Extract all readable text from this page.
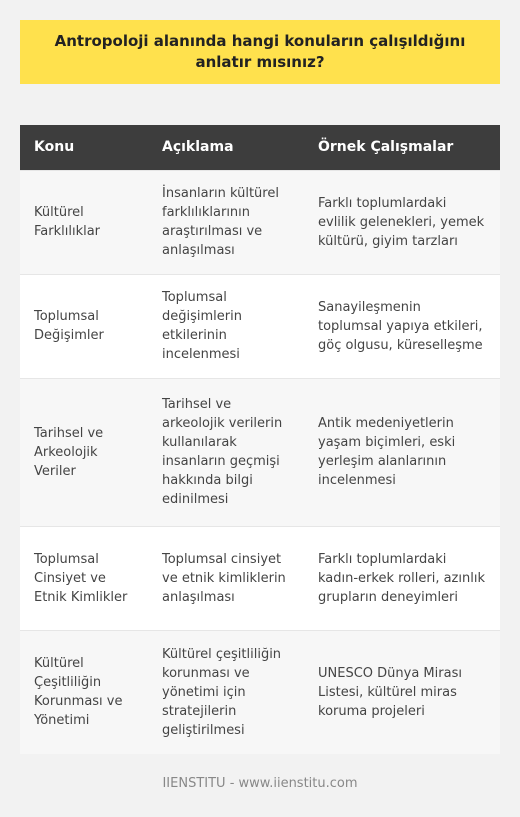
Antropoloji alanında hangi konuların çalışıldığını anlatır mısınız?
Konu	Açıklama	Örnek Çalışmalar
Kültürel Farklılıklar	İnsanların kültürel farklılıklarının araştırılması ve anlaşılması	Farklı toplumlardaki evlilik gelenekleri, yemek kültürü, giyim tarzları
Toplumsal Değişimler	Toplumsal değişimlerin etkilerinin incelenmesi	Sanayileşmenin toplumsal yapıya etkileri, göç olgusu, küreselleşme
Tarihsel ve Arkeolojik Veriler	Tarihsel ve arkeolojik verilerin kullanılarak insanların geçmişi hakkında bilgi edinilmesi	Antik medeniyetlerin yaşam biçimleri, eski yerleşim alanlarının incelenmesi
Toplumsal Cinsiyet ve Etnik Kimlikler	Toplumsal cinsiyet ve etnik kimliklerin anlaşılması	Farklı toplumlardaki kadın-erkek rolleri, azınlık grupların deneyimleri
Kültürel Çeşitliliğin Korunması ve Yönetimi	Kültürel çeşitliliğin korunması ve yönetimi için stratejilerin geliştirilmesi	UNESCO Dünya Mirası Listesi, kültürel miras koruma projeleri
IIENSTITU - www.iienstitu.com
